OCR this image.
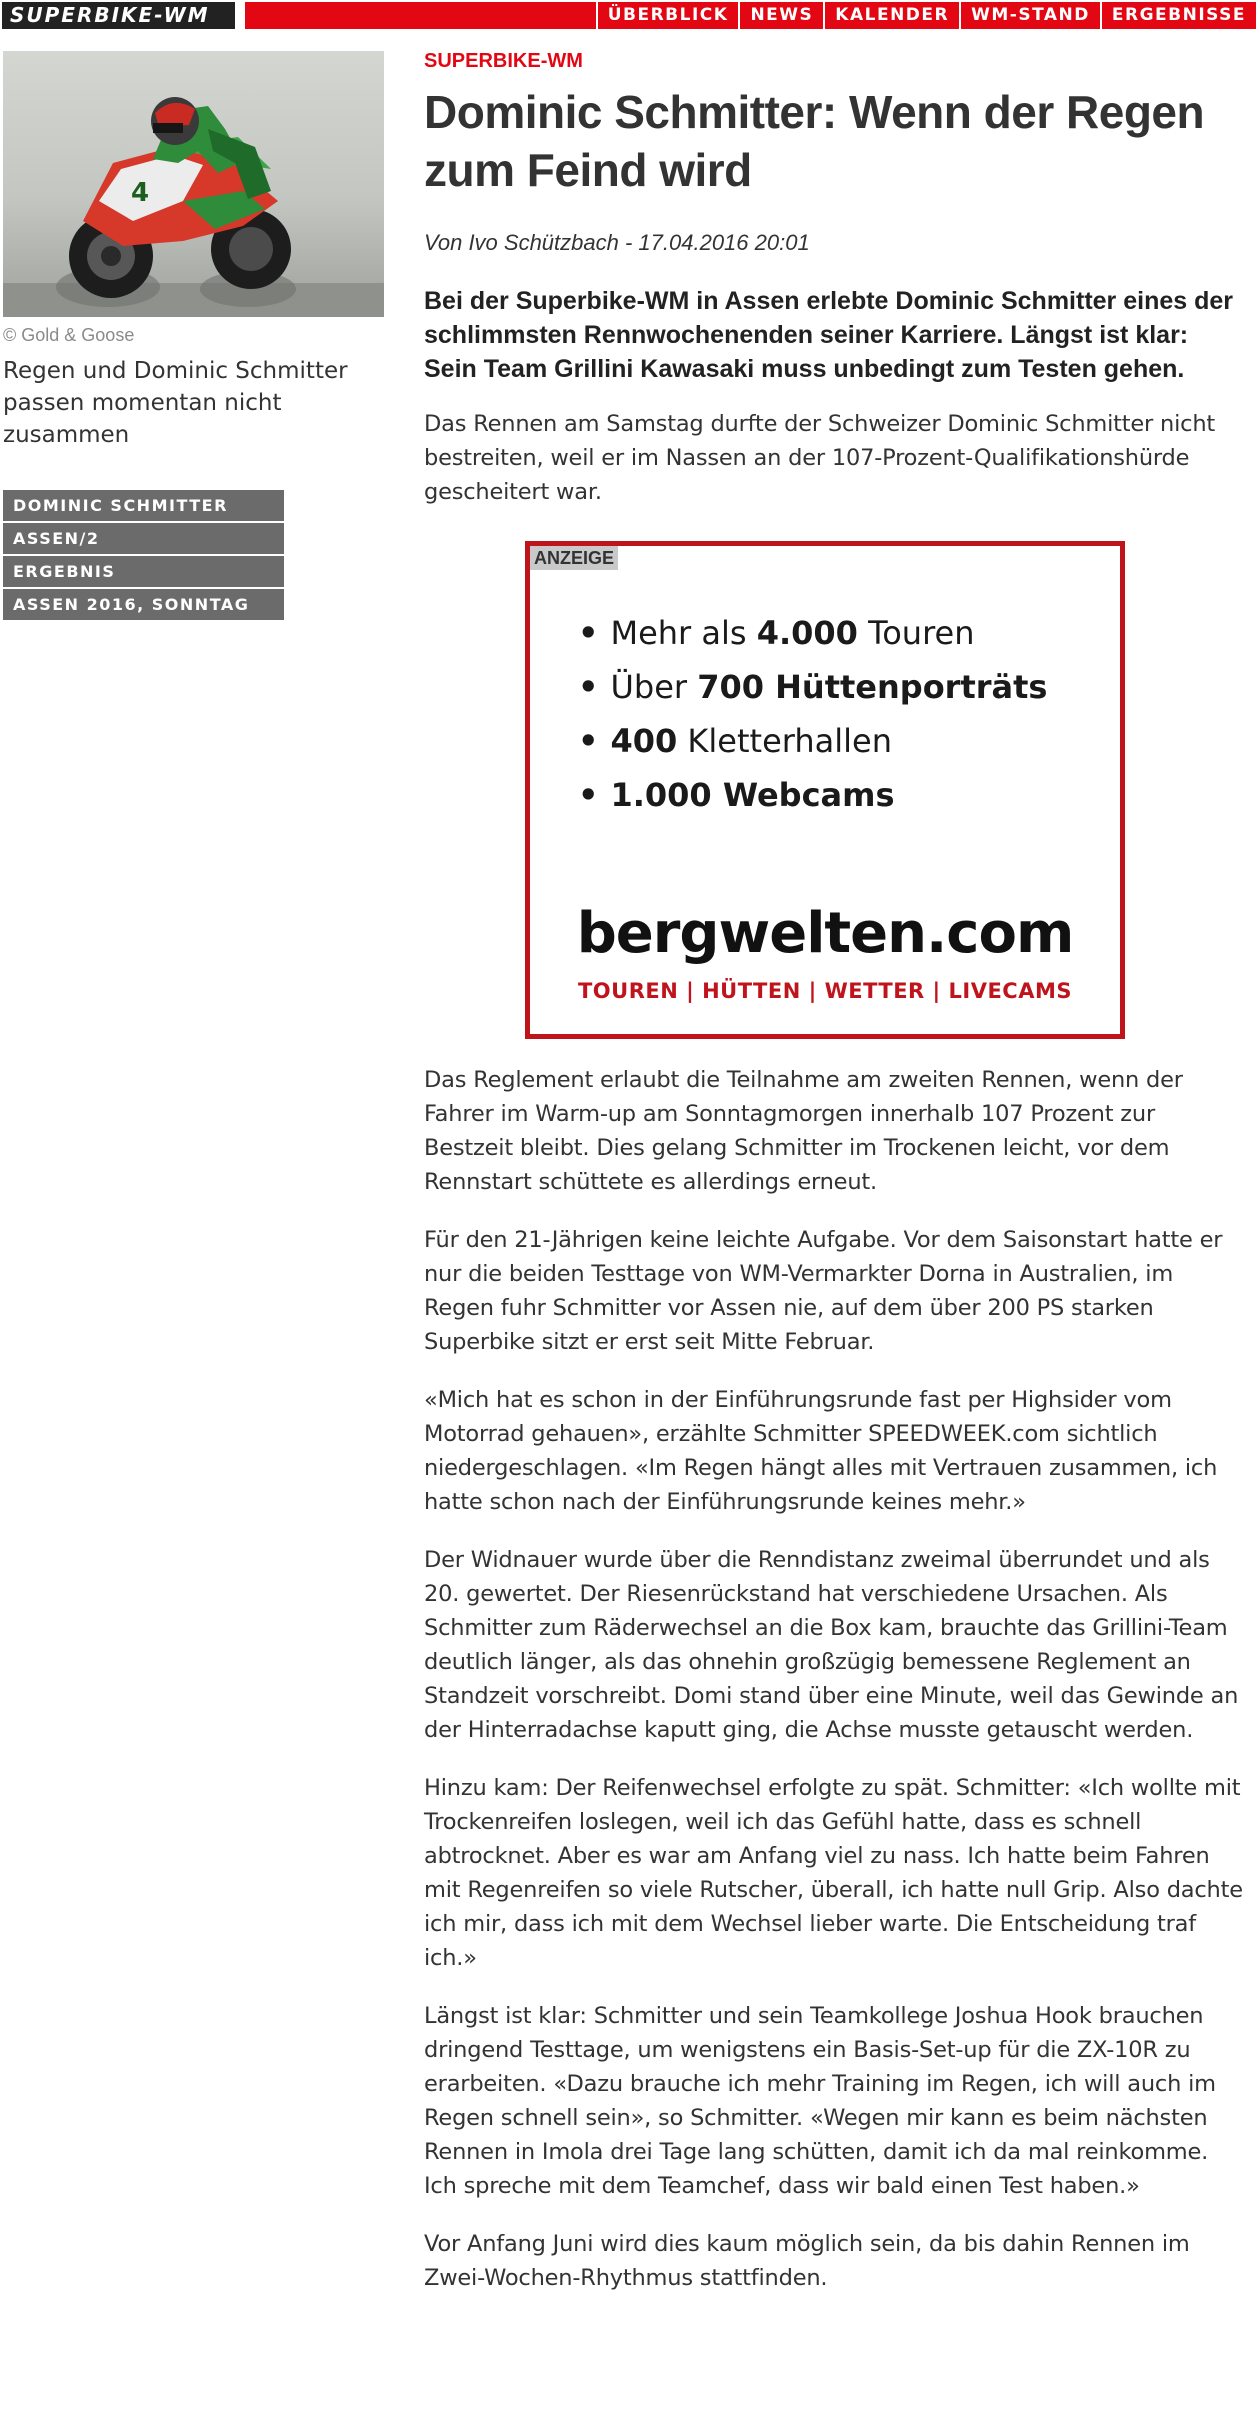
SUPERBIKE-WM	ÜBERBLICK	NEWS	KALENDER	WM-STAND	ERGEBNISSE
4
© Gold & Goose
Regen und Dominic Schmitter passen momentan nicht zusammen
DOMINIC SCHMITTER
ASSEN/2
ERGEBNIS
ASSEN 2016, SONNTAG
SUPERBIKE-WM
Dominic Schmitter: Wenn der Regen zum Feind wird
Von Ivo Schützbach - 17.04.2016 20:01

Bei der Superbike-WM in Assen erlebte Dominic Schmitter eines der schlimmsten Rennwochenenden seiner Karriere. Längst ist klar: Sein Team Grillini Kawasaki muss unbedingt zum Testen gehen.

Das Rennen am Samstag durfte der Schweizer Dominic Schmitter nicht bestreiten, weil er im Nassen an der 107-Prozent-Qualifikationshürde gescheitert war.

ANZEIGE
• Mehr als 4.000 Touren
• Über 700 Hüttenporträts
• 400 Kletterhallen
• 1.000 Webcams
bergwelten.com
TOUREN | HÜTTEN | WETTER | LIVECAMS

Das Reglement erlaubt die Teilnahme am zweiten Rennen, wenn der Fahrer im Warm-up am Sonntagmorgen innerhalb 107 Prozent zur Bestzeit bleibt. Dies gelang Schmitter im Trockenen leicht, vor dem Rennstart schüttete es allerdings erneut.

Für den 21-Jährigen keine leichte Aufgabe. Vor dem Saisonstart hatte er nur die beiden Testtage von WM-Vermarkter Dorna in Australien, im Regen fuhr Schmitter vor Assen nie, auf dem über 200 PS starken Superbike sitzt er erst seit Mitte Februar.

«Mich hat es schon in der Einführungsrunde fast per Highsider vom Motorrad gehauen», erzählte Schmitter SPEEDWEEK.com sichtlich niedergeschlagen. «Im Regen hängt alles mit Vertrauen zusammen, ich hatte schon nach der Einführungsrunde keines mehr.»

Der Widnauer wurde über die Renndistanz zweimal überrundet und als 20. gewertet. Der Riesenrückstand hat verschiedene Ursachen. Als Schmitter zum Räderwechsel an die Box kam, brauchte das Grillini-Team deutlich länger, als das ohnehin großzügig bemessene Reglement an Standzeit vorschreibt. Domi stand über eine Minute, weil das Gewinde an der Hinterradachse kaputt ging, die Achse musste getauscht werden.

Hinzu kam: Der Reifenwechsel erfolgte zu spät. Schmitter: «Ich wollte mit Trockenreifen loslegen, weil ich das Gefühl hatte, dass es schnell abtrocknet. Aber es war am Anfang viel zu nass. Ich hatte beim Fahren mit Regenreifen so viele Rutscher, überall, ich hatte null Grip. Also dachte ich mir, dass ich mit dem Wechsel lieber warte. Die Entscheidung traf ich.»

Längst ist klar: Schmitter und sein Teamkollege Joshua Hook brauchen dringend Testtage, um wenigstens ein Basis-Set-up für die ZX-10R zu erarbeiten. «Dazu brauche ich mehr Training im Regen, ich will auch im Regen schnell sein», so Schmitter. «Wegen mir kann es beim nächsten Rennen in Imola drei Tage lang schütten, damit ich da mal reinkomme. Ich spreche mit dem Teamchef, dass wir bald einen Test haben.»

Vor Anfang Juni wird dies kaum möglich sein, da bis dahin Rennen im Zwei-Wochen-Rhythmus stattfinden.
